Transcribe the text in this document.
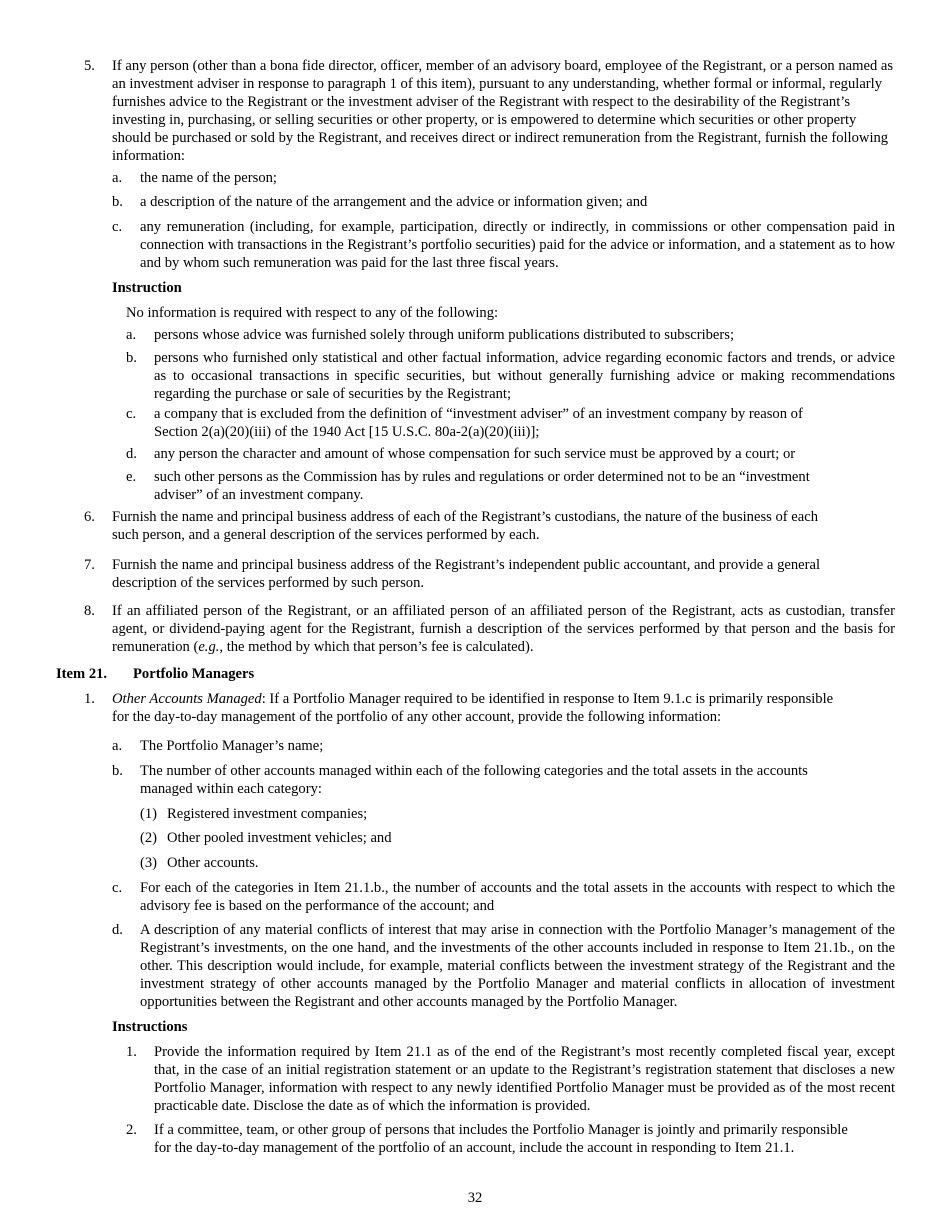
5. If any person (other than a bona fide director, officer, member of an advisory board, employee of the Registrant, or a person named as an investment adviser in response to paragraph 1 of this item), pursuant to any understanding, whether formal or informal, regularly furnishes advice to the Registrant or the investment adviser of the Registrant with respect to the desirability of the Registrant’s investing in, purchasing, or selling securities or other property, or is empowered to determine which securities or other property should be purchased or sold by the Registrant, and receives direct or indirect remuneration from the Registrant, furnish the following information:
a. the name of the person;
b. a description of the nature of the arrangement and the advice or information given; and
c. any remuneration (including, for example, participation, directly or indirectly, in commissions or other compensation paid in connection with transactions in the Registrant’s portfolio securities) paid for the advice or information, and a statement as to how and by whom such remuneration was paid for the last three fiscal years.
Instruction
No information is required with respect to any of the following:
a. persons whose advice was furnished solely through uniform publications distributed to subscribers;
b. persons who furnished only statistical and other factual information, advice regarding economic factors and trends, or advice as to occasional transactions in specific securities, but without generally furnishing advice or making recommendations regarding the purchase or sale of securities by the Registrant;
c. a company that is excluded from the definition of “investment adviser” of an investment company by reason of
Section 2(a)(20)(iii) of the 1940 Act [15 U.S.C. 80a-2(a)(20)(iii)];
d. any person the character and amount of whose compensation for such service must be approved by a court; or
e. such other persons as the Commission has by rules and regulations or order determined not to be an “investment
adviser” of an investment company.
6. Furnish the name and principal business address of each of the Registrant’s custodians, the nature of the business of each
such person, and a general description of the services performed by each.
7. Furnish the name and principal business address of the Registrant’s independent public accountant, and provide a general
description of the services performed by such person.
8. If an affiliated person of the Registrant, or an affiliated person of an affiliated person of the Registrant, acts as custodian, transfer agent, or dividend-paying agent for the Registrant, furnish a description of the services performed by that person and the basis for remuneration (e.g., the method by which that person’s fee is calculated).
Item 21. Portfolio Managers
1. Other Accounts Managed: If a Portfolio Manager required to be identified in response to Item 9.1.c is primarily responsible
for the day-to-day management of the portfolio of any other account, provide the following information:
a. The Portfolio Manager’s name;
b. The number of other accounts managed within each of the following categories and the total assets in the accounts
managed within each category:
(1) Registered investment companies;
(2) Other pooled investment vehicles; and
(3) Other accounts.
c. For each of the categories in Item 21.1.b., the number of accounts and the total assets in the accounts with respect to which the advisory fee is based on the performance of the account; and
d. A description of any material conflicts of interest that may arise in connection with the Portfolio Manager’s management of the Registrant’s investments, on the one hand, and the investments of the other accounts included in response to Item 21.1b., on the other. This description would include, for example, material conflicts between the investment strategy of the Registrant and the investment strategy of other accounts managed by the Portfolio Manager and material conflicts in allocation of investment opportunities between the Registrant and other accounts managed by the Portfolio Manager.
Instructions
1. Provide the information required by Item 21.1 as of the end of the Registrant’s most recently completed fiscal year, except that, in the case of an initial registration statement or an update to the Registrant’s registration statement that discloses a new Portfolio Manager, information with respect to any newly identified Portfolio Manager must be provided as of the most recent practicable date. Disclose the date as of which the information is provided.
2. If a committee, team, or other group of persons that includes the Portfolio Manager is jointly and primarily responsible
for the day-to-day management of the portfolio of an account, include the account in responding to Item 21.1.
32
